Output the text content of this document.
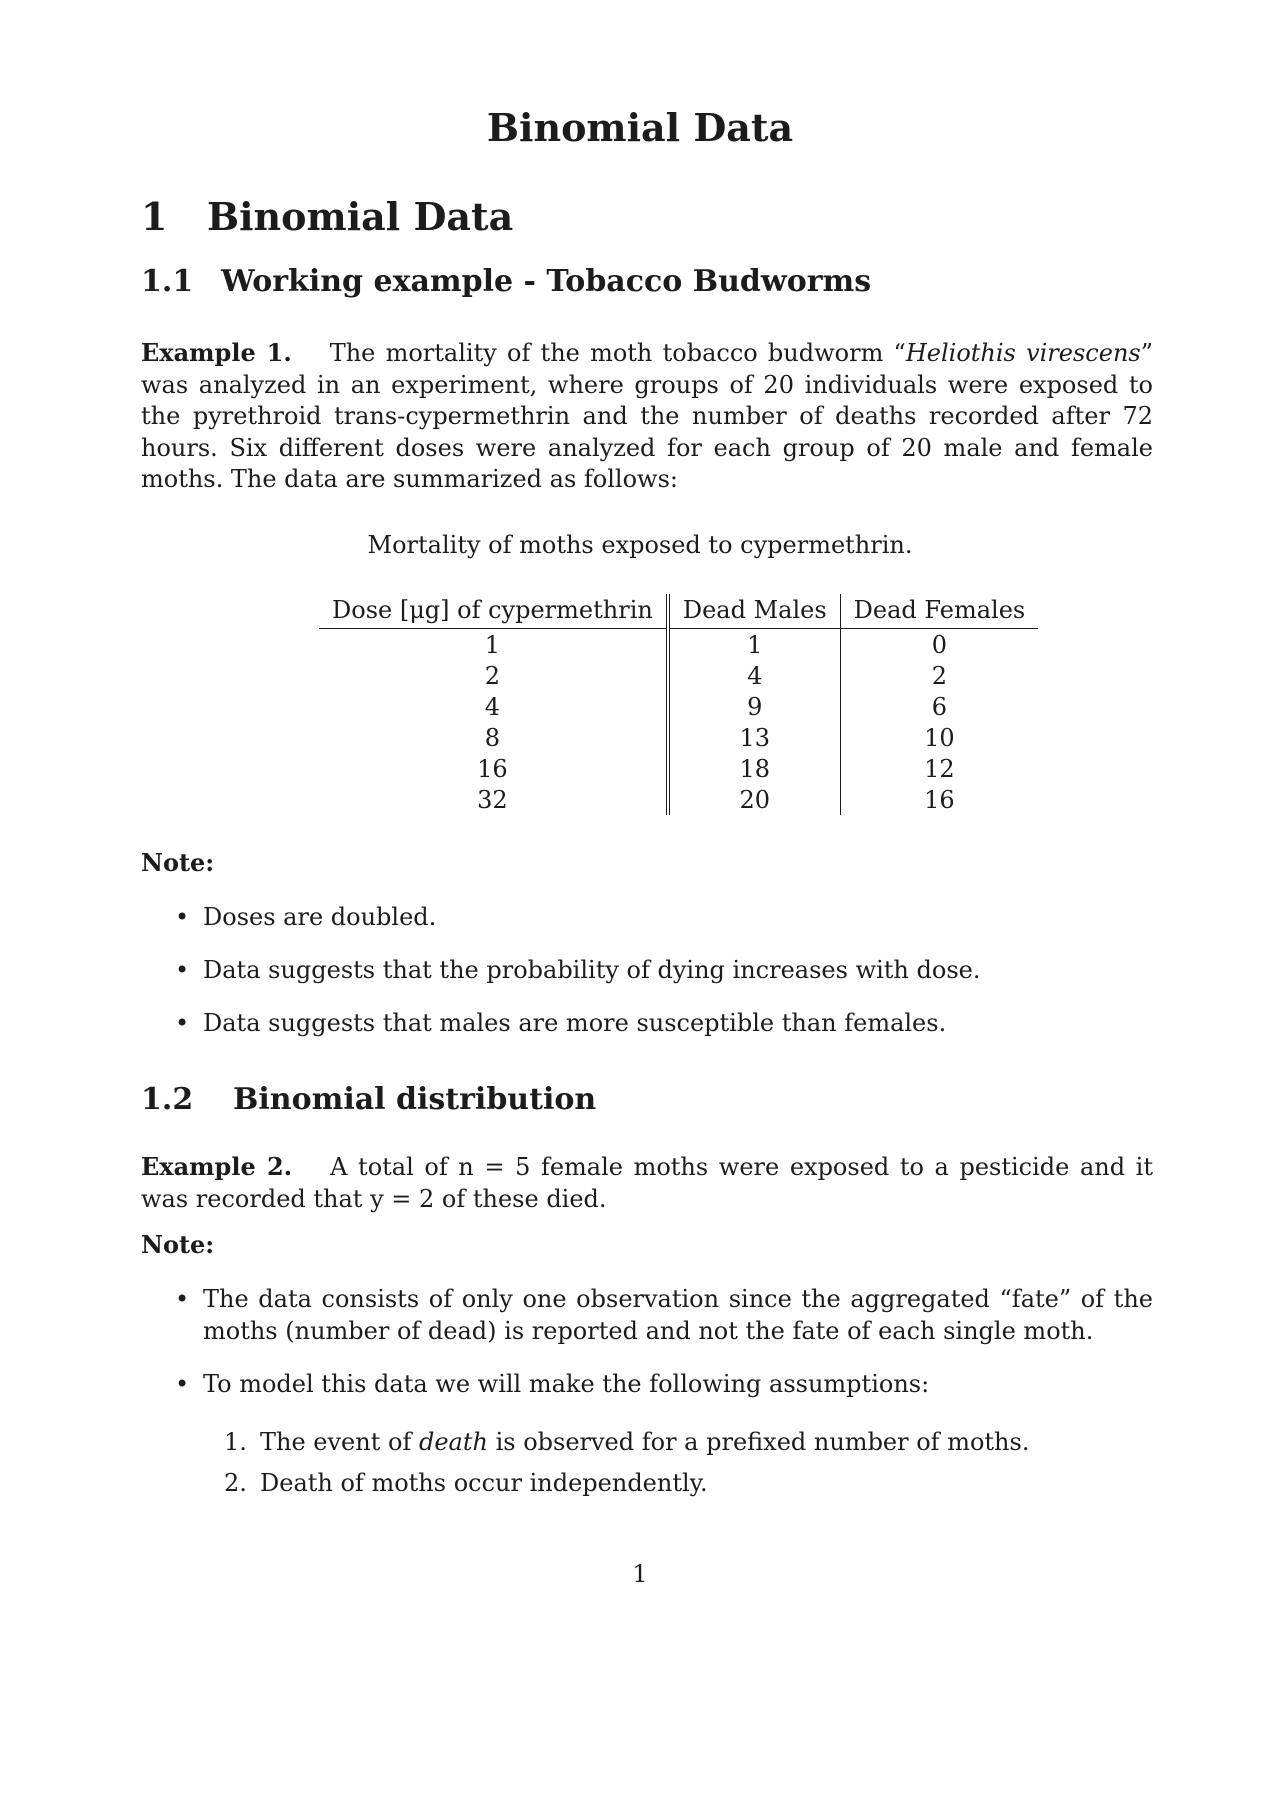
Binomial Data
1 Binomial Data
1.1 Working example - Tobacco Budworms
Example 1. The mortality of the moth tobacco budworm “Heliothis virescens” was analyzed in an experiment, where groups of 20 individuals were exposed to the pyrethroid trans-cypermethrin and the number of deaths recorded after 72 hours. Six different doses were analyzed for each group of 20 male and female moths. The data are summarized as follows:
Mortality of moths exposed to cypermethrin.
Dose [μg] of cypermethrin	Dead Males	Dead Females
1	1	0
2	4	2
4	9	6
8	13	10
16	18	12
32	20	16
Note:
• Doses are doubled.
• Data suggests that the probability of dying increases with dose.
• Data suggests that males are more susceptible than females.
1.2 Binomial distribution
Example 2. A total of n = 5 female moths were exposed to a pesticide and it was recorded that y = 2 of these died.
Note:
• The data consists of only one observation since the aggregated “fate” of the moths (number of dead) is reported and not the fate of each single moth.
• To model this data we will make the following assumptions:
1. The event of death is observed for a prefixed number of moths.
2. Death of moths occur independently.
1
